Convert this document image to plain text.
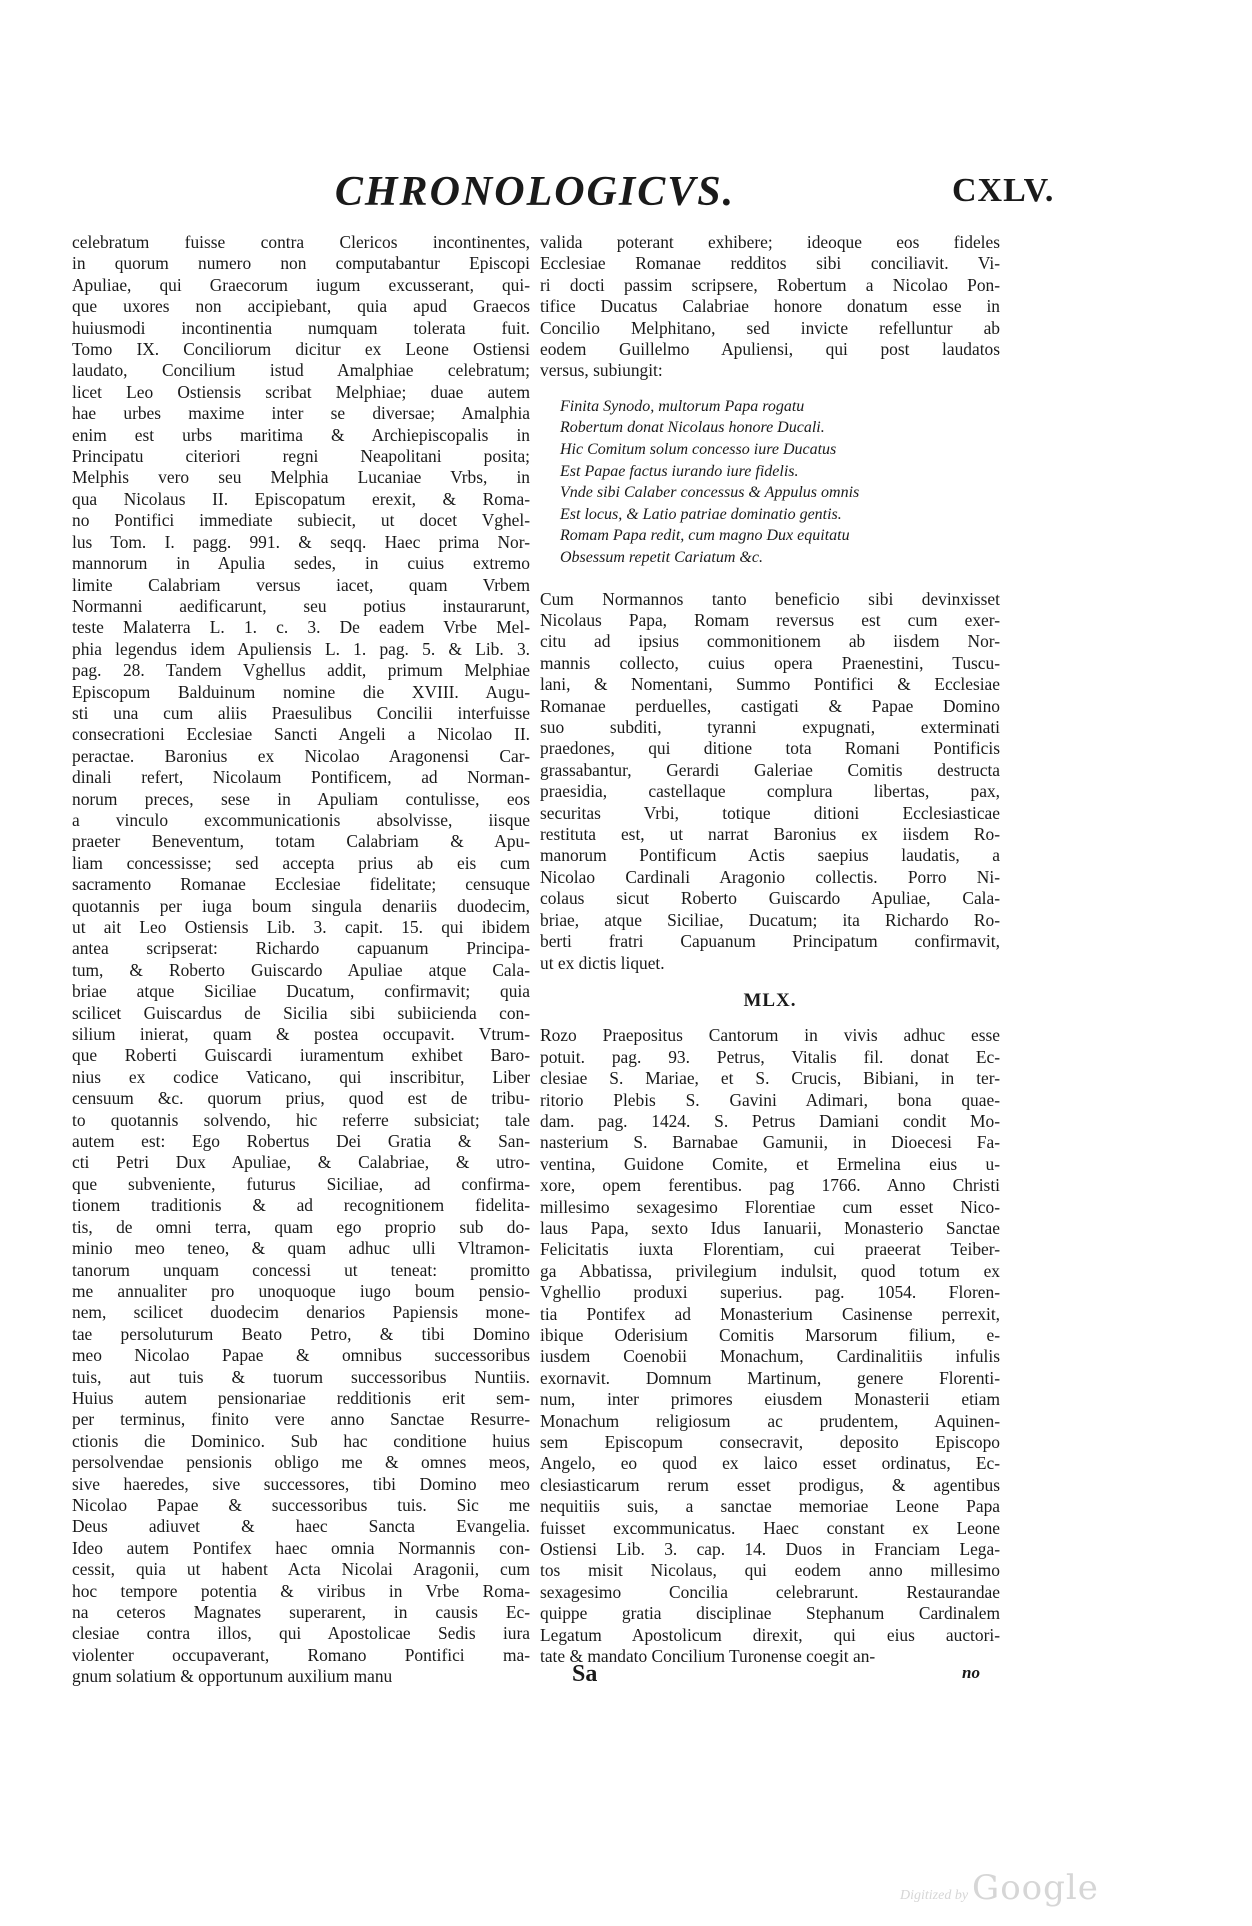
CHRONOLOGICVS.	CXLV.
celebratum fuisse contra Clericos incontinentes,
in quorum numero non computabantur Episcopi
Apuliae, qui Graecorum iugum excusserant, qui-
que uxores non accipiebant, quia apud Graecos
huiusmodi incontinentia numquam tolerata fuit.
Tomo IX. Conciliorum dicitur ex Leone Ostiensi
laudato, Concilium istud Amalphiae celebratum;
licet Leo Ostiensis scribat Melphiae; duae autem
hae urbes maxime inter se diversae; Amalphia
enim est urbs maritima & Archiepiscopalis in
Principatu citeriori regni Neapolitani posita;
Melphis vero seu Melphia Lucaniae Vrbs, in
qua Nicolaus II. Episcopatum erexit, & Roma-
no Pontifici immediate subiecit, ut docet Vghel-
lus Tom. I. pagg. 991. & seqq. Haec prima Nor-
mannorum in Apulia sedes, in cuius extremo
limite Calabriam versus iacet, quam Vrbem
Normanni aedificarunt, seu potius instaurarunt,
teste Malaterra L. 1. c. 3. De eadem Vrbe Mel-
phia legendus idem Apuliensis L. 1. pag. 5. & Lib. 3.
pag. 28. Tandem Vghellus addit, primum Melphiae
Episcopum Balduinum nomine die XVIII. Augu-
sti una cum aliis Praesulibus Concilii interfuisse
consecrationi Ecclesiae Sancti Angeli a Nicolao II.
peractae. Baronius ex Nicolao Aragonensi Car-
dinali refert, Nicolaum Pontificem, ad Norman-
norum preces, sese in Apuliam contulisse, eos
a vinculo excommunicationis absolvisse, iisque
praeter Beneventum, totam Calabriam & Apu-
liam concessisse; sed accepta prius ab eis cum
sacramento Romanae Ecclesiae fidelitate; censuque
quotannis per iuga boum singula denariis duodecim,
ut ait Leo Ostiensis Lib. 3. capit. 15. qui ibidem
antea scripserat: Richardo capuanum Principa-
tum, & Roberto Guiscardo Apuliae atque Cala-
briae atque Siciliae Ducatum, confirmavit; quia
scilicet Guiscardus de Sicilia sibi subiicienda con-
silium inierat, quam & postea occupavit. Vtrum-
que Roberti Guiscardi iuramentum exhibet Baro-
nius ex codice Vaticano, qui inscribitur, Liber
censuum &c. quorum prius, quod est de tribu-
to quotannis solvendo, hic referre subsiciat; tale
autem est: Ego Robertus Dei Gratia & San-
cti Petri Dux Apuliae, & Calabriae, & utro-
que subveniente, futurus Siciliae, ad confirma-
tionem traditionis & ad recognitionem fidelita-
tis, de omni terra, quam ego proprio sub do-
minio meo teneo, & quam adhuc ulli Vltramon-
tanorum unquam concessi ut teneat: promitto
me annualiter pro unoquoque iugo boum pensio-
nem, scilicet duodecim denarios Papiensis mone-
tae persoluturum Beato Petro, & tibi Domino
meo Nicolao Papae & omnibus successoribus
tuis, aut tuis & tuorum successoribus Nuntiis.
Huius autem pensionariae redditionis erit sem-
per terminus, finito vere anno Sanctae Resurre-
ctionis die Dominico. Sub hac conditione huius
persolvendae pensionis obligo me & omnes meos,
sive haeredes, sive successores, tibi Domino meo
Nicolao Papae & successoribus tuis. Sic me
Deus adiuvet & haec Sancta Evangelia.
Ideo autem Pontifex haec omnia Normannis con-
cessit, quia ut habent Acta Nicolai Aragonii, cum
hoc tempore potentia & viribus in Vrbe Roma-
na ceteros Magnates superarent, in causis Ec-
clesiae contra illos, qui Apostolicae Sedis iura
violenter occupaverant, Romano Pontifici ma-
gnum solatium & opportunum auxilium manu
valida poterant exhibere; ideoque eos fideles
Ecclesiae Romanae redditos sibi conciliavit. Vi-
ri docti passim scripsere, Robertum a Nicolao Pon-
tifice Ducatus Calabriae honore donatum esse in
Concilio Melphitano, sed invicte refelluntur ab
eodem Guillelmo Apuliensi, qui post laudatos
versus, subiungit:
Finita Synodo, multorum Papa rogatu
Robertum donat Nicolaus honore Ducali.
Hic Comitum solum concesso iure Ducatus
Est Papae factus iurando iure fidelis.
Vnde sibi Calaber concessus & Appulus omnis
Est locus, & Latio patriae dominatio gentis.
Romam Papa redit, cum magno Dux equitatu
Obsessum repetit Cariatum &c.
Cum Normannos tanto beneficio sibi devinxisset
Nicolaus Papa, Romam reversus est cum exer-
citu ad ipsius commonitionem ab iisdem Nor-
mannis collecto, cuius opera Praenestini, Tuscu-
lani, & Nomentani, Summo Pontifici & Ecclesiae
Romanae perduelles, castigati & Papae Domino
suo subditi, tyranni expugnati, exterminati
praedones, qui ditione tota Romani Pontificis
grassabantur, Gerardi Galeriae Comitis destructa
praesidia, castellaque complura libertas, pax,
securitas Vrbi, totique ditioni Ecclesiasticae
restituta est, ut narrat Baronius ex iisdem Ro-
manorum Pontificum Actis saepius laudatis, a
Nicolao Cardinali Aragonio collectis. Porro Ni-
colaus sicut Roberto Guiscardo Apuliae, Cala-
briae, atque Siciliae, Ducatum; ita Richardo Ro-
berti fratri Capuanum Principatum confirmavit,
ut ex dictis liquet.
MLX.
Rozo Praepositus Cantorum in vivis adhuc esse
potuit. pag. 93. Petrus, Vitalis fil. donat Ec-
clesiae S. Mariae, et S. Crucis, Bibiani, in ter-
ritorio Plebis S. Gavini Adimari, bona quae-
dam. pag. 1424. S. Petrus Damiani condit Mo-
nasterium S. Barnabae Gamunii, in Dioecesi Fa-
ventina, Guidone Comite, et Ermelina eius u-
xore, opem ferentibus. pag 1766. Anno Christi
millesimo sexagesimo Florentiae cum esset Nico-
laus Papa, sexto Idus Ianuarii, Monasterio Sanctae
Felicitatis iuxta Florentiam, cui praeerat Teiber-
ga Abbatissa, privilegium indulsit, quod totum ex
Vghellio produxi superius. pag. 1054. Floren-
tia Pontifex ad Monasterium Casinense perrexit,
ibique Oderisium Comitis Marsorum filium, e-
iusdem Coenobii Monachum, Cardinalitiis infulis
exornavit. Domnum Martinum, genere Florenti-
num, inter primores eiusdem Monasterii etiam
Monachum religiosum ac prudentem, Aquinen-
sem Episcopum consecravit, deposito Episcopo
Angelo, eo quod ex laico esset ordinatus, Ec-
clesiasticarum rerum esset prodigus, & agentibus
nequitiis suis, a sanctae memoriae Leone Papa
fuisset excommunicatus. Haec constant ex Leone
Ostiensi Lib. 3. cap. 14. Duos in Franciam Lega-
tos misit Nicolaus, qui eodem anno millesimo
sexagesimo Concilia celebrarunt. Restaurandae
quippe gratia disciplinae Stephanum Cardinalem
Legatum Apostolicum direxit, qui eius auctori-
tate & mandato Concilium Turonense coegit an-
Sa	no
Digitized by Google
